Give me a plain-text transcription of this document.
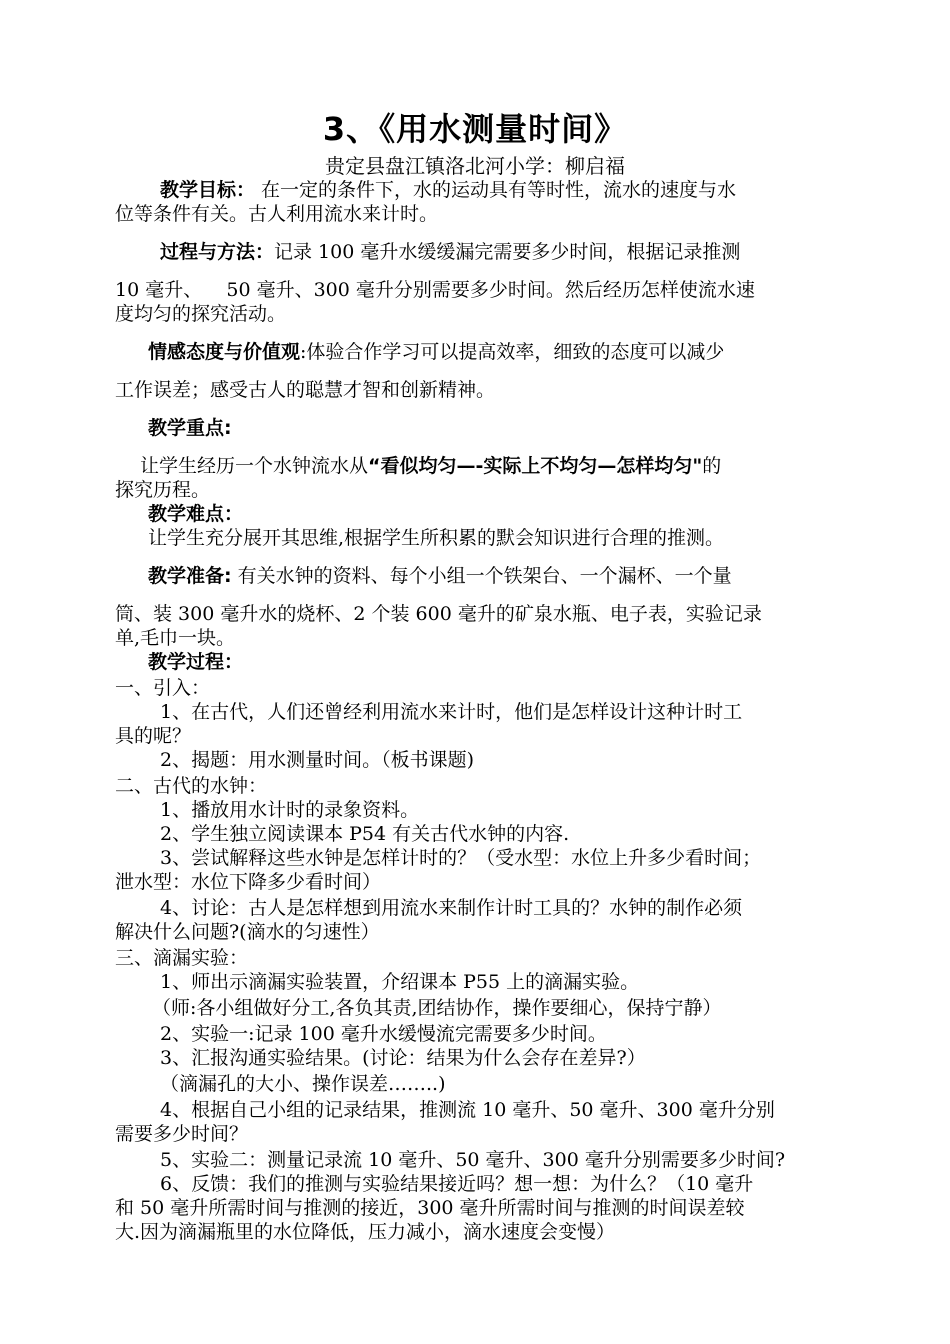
3、《用水测量时间》
贵定县盘江镇洛北河小学：柳启福
教学目标： 在一定的条件下，水的运动具有等时性，流水的速度与水
位等条件有关。古人利用流水来计时。
过程与方法：记录 100 毫升水缓缓漏完需要多少时间，根据记录推测
10 毫升、    50 毫升、300 毫升分别需要多少时间。然后经历怎样使流水速
度均匀的探究活动。
情感态度与价值观:体验合作学习可以提高效率，细致的态度可以减少
工作误差；感受古人的聪慧才智和创新精神。
教学重点:
让学生经历一个水钟流水从“看似均匀—-实际上不均匀—怎样均匀"的
探究历程。
教学难点：
让学生充分展开其思维,根据学生所积累的默会知识进行合理的推测。
教学准备: 有关水钟的资料、每个小组一个铁架台、一个漏杯、一个量
筒、装 300 毫升水的烧杯、2 个装 600 毫升的矿泉水瓶、电子表，实验记录
单,毛巾一块。
教学过程：
一、引入：
1、在古代，人们还曾经利用流水来计时，他们是怎样设计这种计时工
具的呢？
2、揭题：用水测量时间。（板书课题)
二、古代的水钟：
1、播放用水计时的录象资料。
2、学生独立阅读课本 P54 有关古代水钟的内容.
3、尝试解释这些水钟是怎样计时的？（受水型：水位上升多少看时间；
泄水型：水位下降多少看时间）
4、讨论：古人是怎样想到用流水来制作计时工具的？水钟的制作必须
解决什么问题?(滴水的匀速性）
三、滴漏实验：
1、师出示滴漏实验装置，介绍课本 P55 上的滴漏实验。
（师:各小组做好分工,各负其责,团结协作，操作要细心，保持宁静）
2、实验一:记录 100 毫升水缓慢流完需要多少时间。
3、汇报沟通实验结果。(讨论：结果为什么会存在差异?）
（滴漏孔的大小、操作误差……..)
4、根据自己小组的记录结果，推测流 10 毫升、50 毫升、300 毫升分别
需要多少时间？
5、实验二：测量记录流 10 毫升、50 毫升、300 毫升分别需要多少时间?
6、反馈：我们的推测与实验结果接近吗？想一想：为什么？（10 毫升
和 50 毫升所需时间与推测的接近，300 毫升所需时间与推测的时间误差较
大.因为滴漏瓶里的水位降低，压力减小，滴水速度会变慢）
